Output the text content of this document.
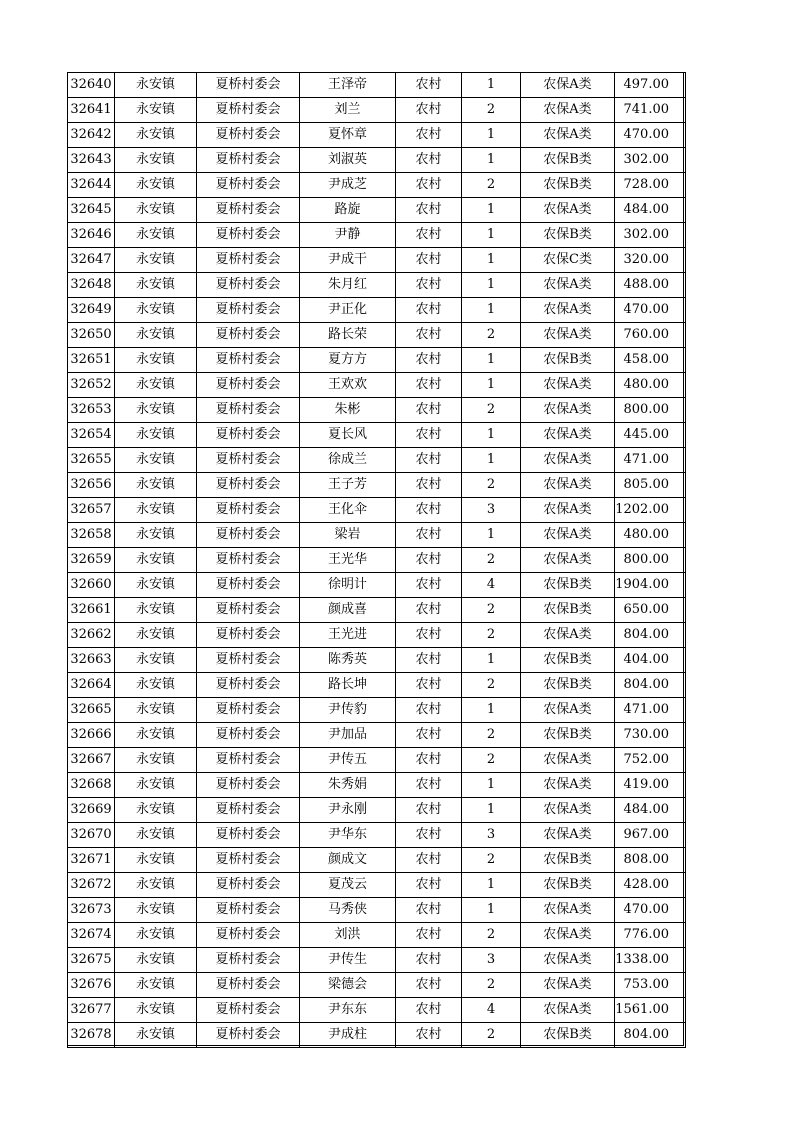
32640	永安镇	夏桥村委会	王泽帝	农村	1	农保A类	497.00
32641	永安镇	夏桥村委会	刘兰	农村	2	农保A类	741.00
32642	永安镇	夏桥村委会	夏怀章	农村	1	农保A类	470.00
32643	永安镇	夏桥村委会	刘淑英	农村	1	农保B类	302.00
32644	永安镇	夏桥村委会	尹成芝	农村	2	农保B类	728.00
32645	永安镇	夏桥村委会	路旋	农村	1	农保A类	484.00
32646	永安镇	夏桥村委会	尹静	农村	1	农保B类	302.00
32647	永安镇	夏桥村委会	尹成干	农村	1	农保C类	320.00
32648	永安镇	夏桥村委会	朱月红	农村	1	农保A类	488.00
32649	永安镇	夏桥村委会	尹正化	农村	1	农保A类	470.00
32650	永安镇	夏桥村委会	路长荣	农村	2	农保A类	760.00
32651	永安镇	夏桥村委会	夏方方	农村	1	农保B类	458.00
32652	永安镇	夏桥村委会	王欢欢	农村	1	农保A类	480.00
32653	永安镇	夏桥村委会	朱彬	农村	2	农保A类	800.00
32654	永安镇	夏桥村委会	夏长风	农村	1	农保A类	445.00
32655	永安镇	夏桥村委会	徐成兰	农村	1	农保A类	471.00
32656	永安镇	夏桥村委会	王子芳	农村	2	农保A类	805.00
32657	永安镇	夏桥村委会	王化伞	农村	3	农保A类	1202.00
32658	永安镇	夏桥村委会	梁岩	农村	1	农保A类	480.00
32659	永安镇	夏桥村委会	王光华	农村	2	农保A类	800.00
32660	永安镇	夏桥村委会	徐明计	农村	4	农保B类	1904.00
32661	永安镇	夏桥村委会	颜成喜	农村	2	农保B类	650.00
32662	永安镇	夏桥村委会	王光进	农村	2	农保A类	804.00
32663	永安镇	夏桥村委会	陈秀英	农村	1	农保B类	404.00
32664	永安镇	夏桥村委会	路长坤	农村	2	农保B类	804.00
32665	永安镇	夏桥村委会	尹传豹	农村	1	农保A类	471.00
32666	永安镇	夏桥村委会	尹加品	农村	2	农保B类	730.00
32667	永安镇	夏桥村委会	尹传五	农村	2	农保A类	752.00
32668	永安镇	夏桥村委会	朱秀娟	农村	1	农保A类	419.00
32669	永安镇	夏桥村委会	尹永刚	农村	1	农保A类	484.00
32670	永安镇	夏桥村委会	尹华东	农村	3	农保A类	967.00
32671	永安镇	夏桥村委会	颜成文	农村	2	农保B类	808.00
32672	永安镇	夏桥村委会	夏茂云	农村	1	农保B类	428.00
32673	永安镇	夏桥村委会	马秀侠	农村	1	农保A类	470.00
32674	永安镇	夏桥村委会	刘洪	农村	2	农保A类	776.00
32675	永安镇	夏桥村委会	尹传生	农村	3	农保A类	1338.00
32676	永安镇	夏桥村委会	梁德会	农村	2	农保A类	753.00
32677	永安镇	夏桥村委会	尹东东	农村	4	农保A类	1561.00
32678	永安镇	夏桥村委会	尹成柱	农村	2	农保B类	804.00
